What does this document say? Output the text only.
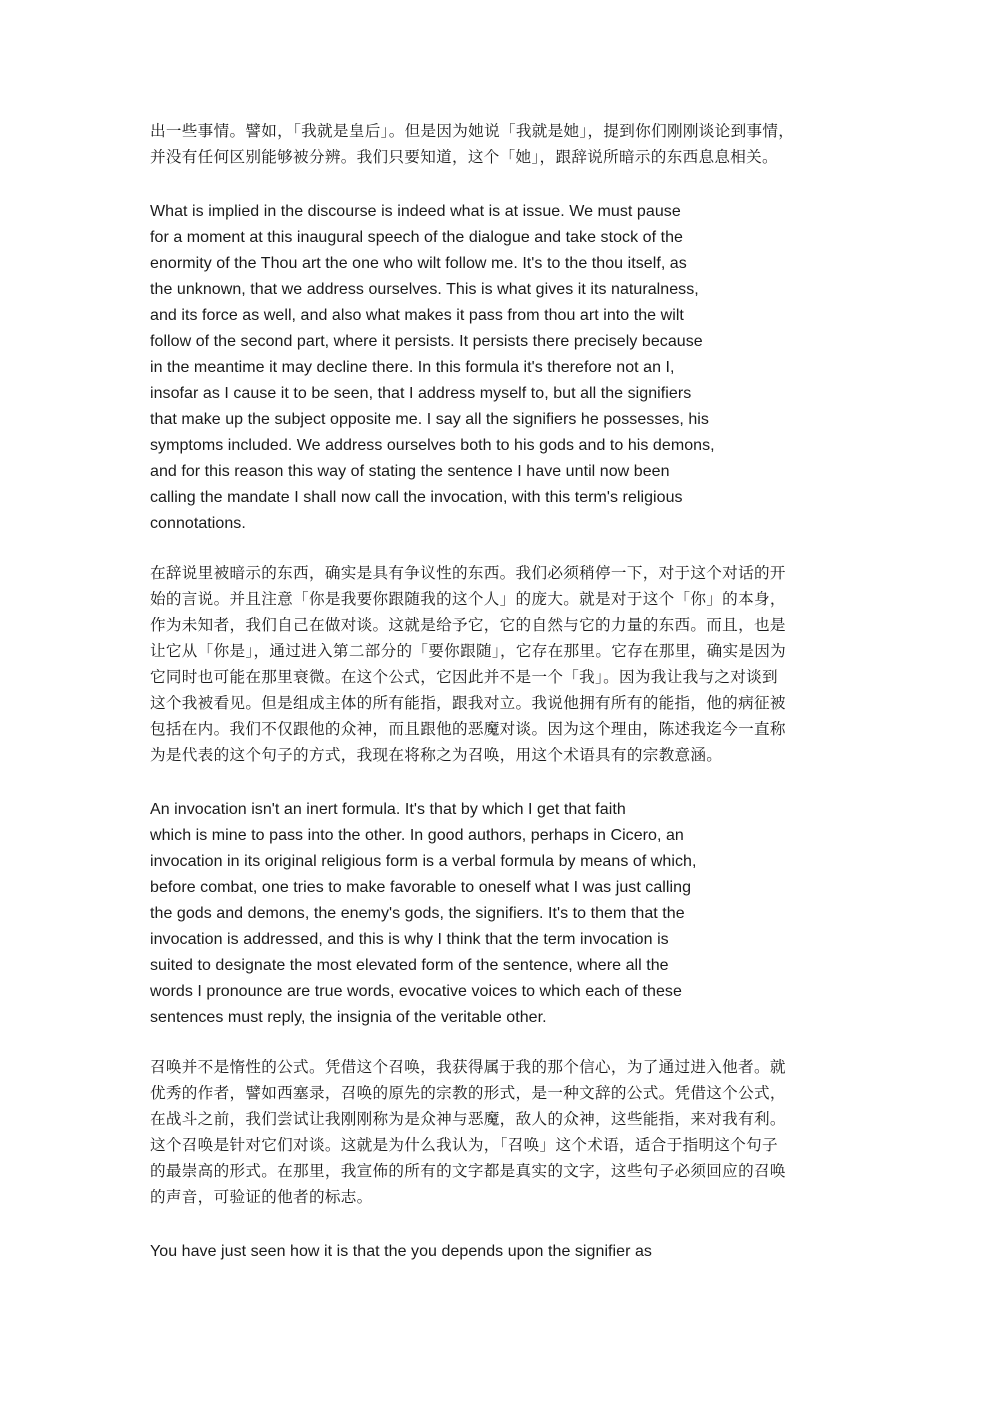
出一些事情。譬如，「我就是皇后」。但是因为她说「我就是她」，提到你们刚刚谈论到事情，
并没有任何区别能够被分辨。我们只要知道，这个「她」，跟辞说所暗示的东西息息相关。
What is implied in the discourse is indeed what is at issue. We must pause
for a moment at this inaugural speech of the dialogue and take stock of the
enormity of the Thou art the one who wilt follow me. It's to the thou itself, as
the unknown, that we address ourselves. This is what gives it its naturalness,
and its force as well, and also what makes it pass from thou art into the wilt
follow of the second part, where it persists. It persists there precisely because
in the meantime it may decline there. In this formula it's therefore not an I,
insofar as I cause it to be seen, that I address myself to, but all the signifiers
that make up the subject opposite me. I say all the signifiers he possesses, his
symptoms included. We address ourselves both to his gods and to his demons,
and for this reason this way of stating the sentence I have until now been
calling the mandate I shall now call the invocation, with this term's religious
connotations.
在辞说里被暗示的东西，确实是具有争议性的东西。我们必须稍停一下，对于这个对话的开
始的言说。并且注意「你是我要你跟随我的这个人」的庞大。就是对于这个「你」的本身，
作为未知者，我们自己在做对谈。这就是给予它，它的自然与它的力量的东西。而且，也是
让它从「你是」，通过进入第二部分的「要你跟随」，它存在那里。它存在那里，确实是因为
它同时也可能在那里衰微。在这个公式，它因此并不是一个「我」。因为我让我与之对谈到
这个我被看见。但是组成主体的所有能指，跟我对立。我说他拥有所有的能指，他的病征被
包括在内。我们不仅跟他的众神，而且跟他的恶魔对谈。因为这个理由，陈述我迄今一直称
为是代表的这个句子的方式，我现在将称之为召唤，用这个术语具有的宗教意涵。
An invocation isn't an inert formula. It's that by which I get that faith
which is mine to pass into the other. In good authors, perhaps in Cicero, an
invocation in its original religious form is a verbal formula by means of which,
before combat, one tries to make favorable to oneself what I was just calling
the gods and demons, the enemy's gods, the signifiers. It's to them that the
invocation is addressed, and this is why I think that the term invocation is
suited to designate the most elevated form of the sentence, where all the
words I pronounce are true words, evocative voices to which each of these
sentences must reply, the insignia of the veritable other.
召唤并不是惰性的公式。凭借这个召唤，我获得属于我的那个信心，为了通过进入他者。就
优秀的作者，譬如西塞录，召唤的原先的宗教的形式，是一种文辞的公式。凭借这个公式，
在战斗之前，我们尝试让我刚刚称为是众神与恶魔，敌人的众神，这些能指，来对我有利。
这个召唤是针对它们对谈。这就是为什么我认为，「召唤」这个术语，适合于指明这个句子
的最崇高的形式。在那里，我宣佈的所有的文字都是真实的文字，这些句子必须回应的召唤
的声音，可验证的他者的标志。
You have just seen how it is that the you depends upon the signifier as
